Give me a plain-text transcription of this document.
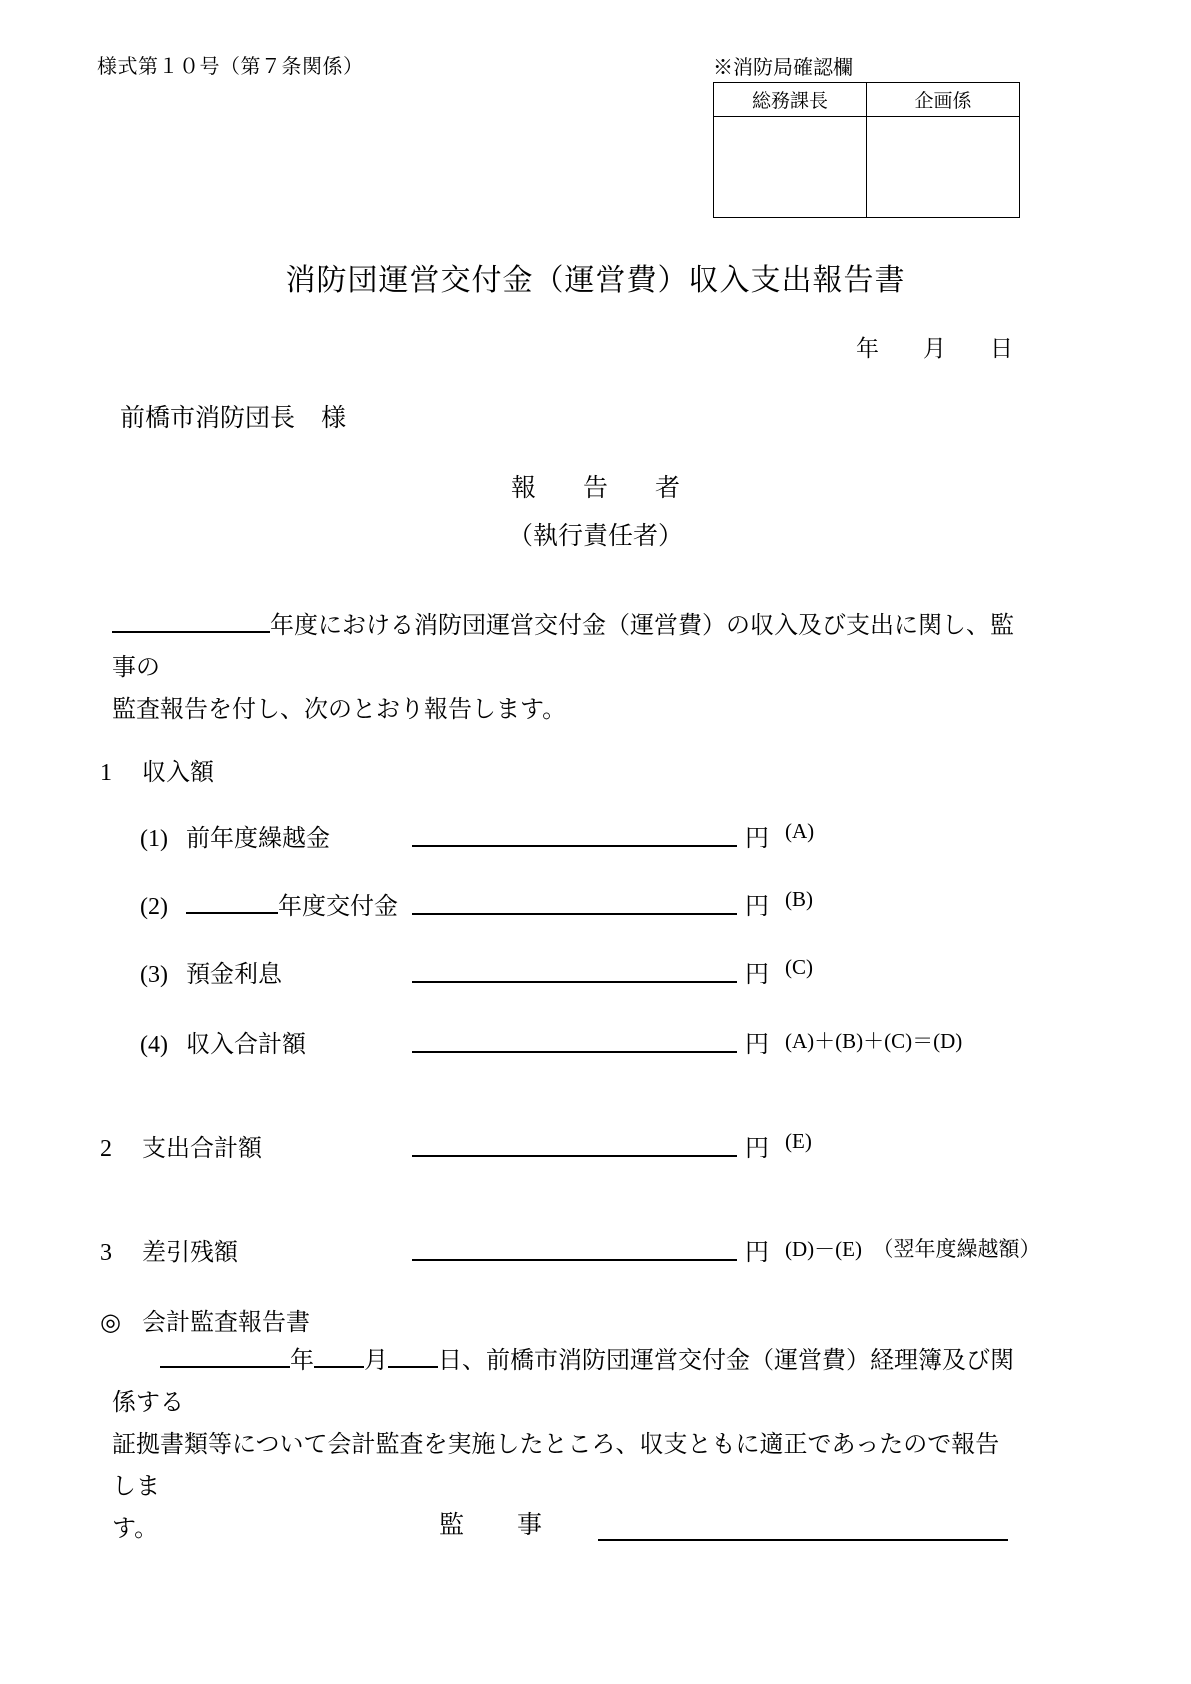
様式第１０号（第７条関係）	※消防局確認欄
総務課長	企画係

消防団運営交付金（運営費）収入支出報告書
年 月 日
前橋市消防団長 様
報　告　者
（執行責任者）
年度における消防団運営交付金（運営費）の収入及び支出に関し、監事の
監査報告を付し、次のとおり報告します。
1 収入額
(1) 前年度繰越金	円 (A)
(2)	年度交付金	円 (B)
(3) 預金利息	円 (C)
(4) 収入合計額	円 (A)＋(B)＋(C)＝(D)
2 支出合計額	円 (E)
3 差引残額	円 (D)－(E)　（翌年度繰越額）
◎ 会計監査報告書
年 月 日、前橋市消防団運営交付金（運営費）経理簿及び関係する
証拠書類等について会計監査を実施したところ、収支ともに適正であったので報告しま
す。	監　事
